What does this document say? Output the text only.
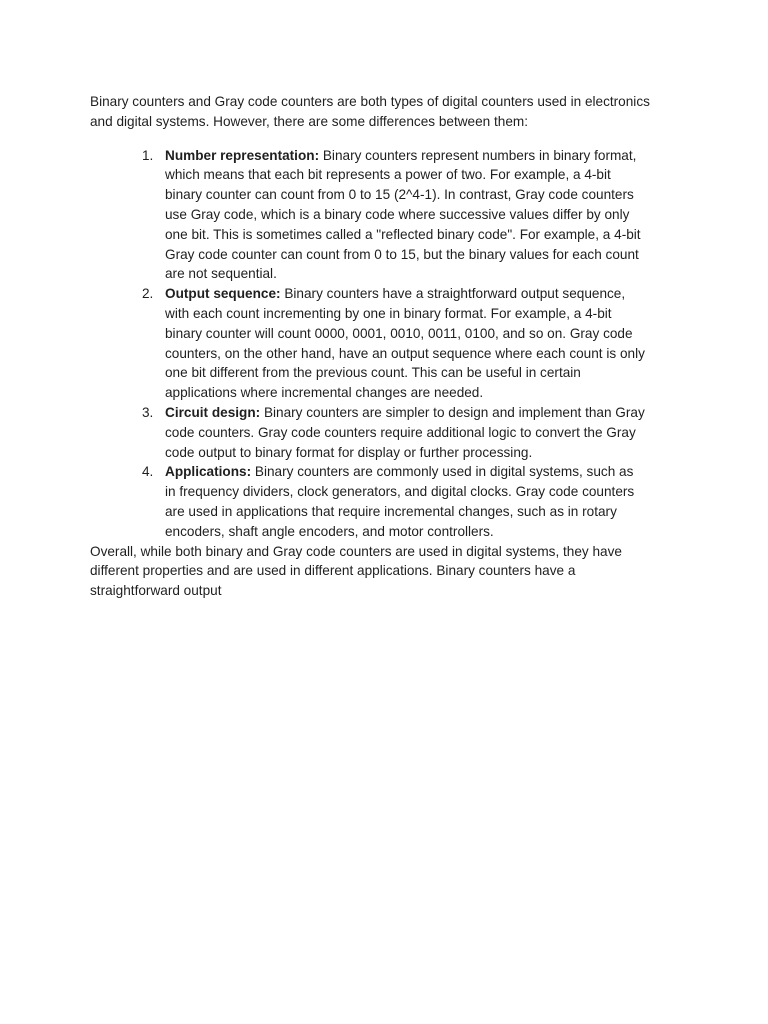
Binary counters and Gray code counters are both types of digital counters used in electronics and digital systems. However, there are some differences between them:

1. Number representation: Binary counters represent numbers in binary format, which means that each bit represents a power of two. For example, a 4-bit binary counter can count from 0 to 15 (2^4-1). In contrast, Gray code counters use Gray code, which is a binary code where successive values differ by only one bit. This is sometimes called a "reflected binary code". For example, a 4-bit Gray code counter can count from 0 to 15, but the binary values for each count are not sequential.
2. Output sequence: Binary counters have a straightforward output sequence, with each count incrementing by one in binary format. For example, a 4-bit binary counter will count 0000, 0001, 0010, 0011, 0100, and so on. Gray code counters, on the other hand, have an output sequence where each count is only one bit different from the previous count. This can be useful in certain applications where incremental changes are needed.
3. Circuit design: Binary counters are simpler to design and implement than Gray code counters. Gray code counters require additional logic to convert the Gray code output to binary format for display or further processing.
4. Applications: Binary counters are commonly used in digital systems, such as in frequency dividers, clock generators, and digital clocks. Gray code counters are used in applications that require incremental changes, such as in rotary encoders, shaft angle encoders, and motor controllers.

Overall, while both binary and Gray code counters are used in digital systems, they have different properties and are used in different applications. Binary counters have a straightforward output
